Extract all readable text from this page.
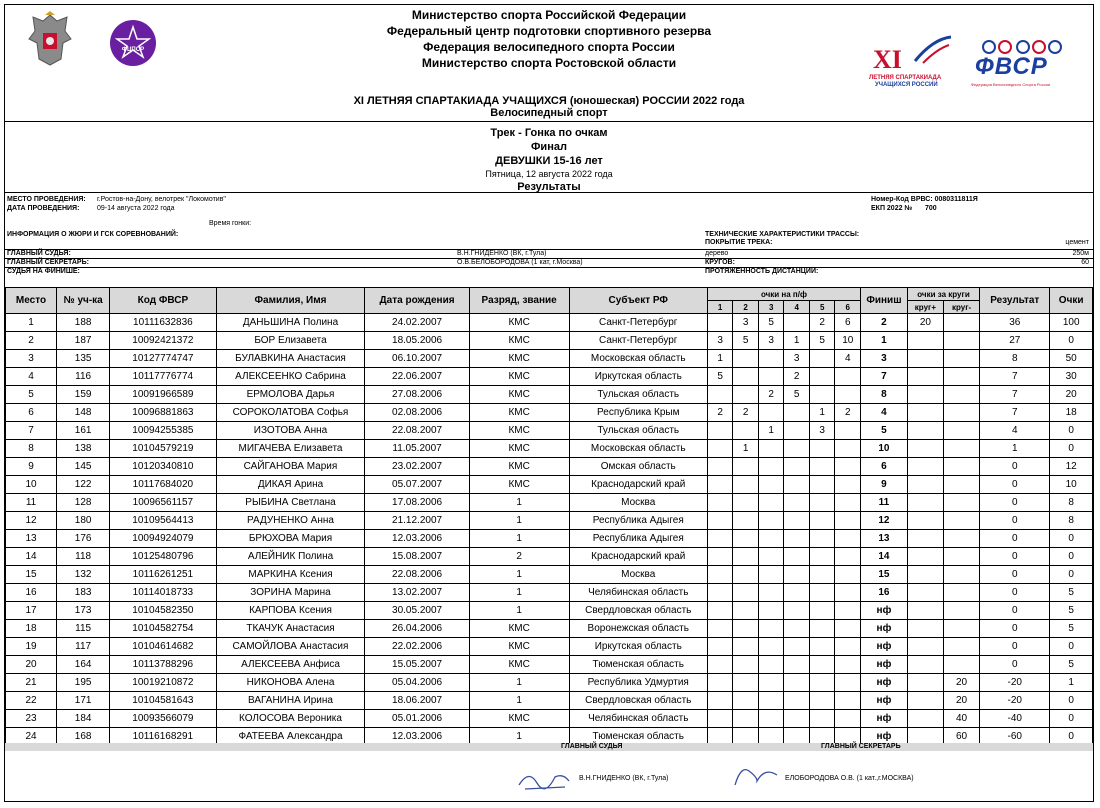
ФЦПСР
Министерство спорта Российской Федерации
Федеральный центр подготовки спортивного резерва
Федерация велосипедного спорта России
Министерство спорта Ростовской области	XI
ЛЕТНЯЯ СПАРТАКИАДА
УЧАЩИХСЯ РОССИИ
ФВСР
Федерация Велосипедного Спорта России
XI ЛЕТНЯЯ СПАРТАКИАДА УЧАЩИХСЯ (юношеская) РОССИИ 2022 года
Велосипедный спорт
Трек - Гонка по очкам
Финал
ДЕВУШКИ 15-16 лет
Пятница, 12 августа 2022 года
Результаты
МЕСТО ПРОВЕДЕНИЯ: г.Ростов-на-Дону, велотрек "Локомотив"
ДАТА ПРОВЕДЕНИЯ:	09-14 августа 2022 года
Номер-Код ВРВС: 0080311811Я
ЕКП 2022 № 700
Время гонки:
ИНФОРМАЦИЯ О ЖЮРИ И ГСК СОРЕВНОВАНИЙ:	ТЕХНИЧЕСКИЕ ХАРАКТЕРИСТИКИ ТРАССЫ:
ПОКРЫТИЕ ТРЕКА:	цемент
ГЛАВНЫЙ СУДЬЯ:	В.Н.ГНИДЕНКО (ВК, г.Тула)	дерево	250м
ГЛАВНЫЙ СЕКРЕТАРЬ:	О.В.БЕЛОБОРОДОВА (1 кат, г.Москва)	КРУГОВ:	60
СУДЬЯ НА ФИНИШЕ:	ПРОТЯЖЕННОСТЬ ДИСТАНЦИИ:
Место	№ уч-ка	Код ФВСР	Фамилия, Имя	Дата рождения	Разряд, звание	Субъект РФ	очки на п/ф						Финиш	очки за круги		Результат	Очки
							1	2	3	4	5	6		круг+	круг-		
1	188	10111632836	ДАНЬШИНА Полина	24.02.2007	КМС	Санкт-Петербург		3	5		2	6	2	20		36	100
2	187	10092421372	БОР Елизавета	18.05.2006	КМС	Санкт-Петербург	3	5	3	1	5	10	1			27	0
3	135	10127774747	БУЛАВКИНА Анастасия	06.10.2007	КМС	Московская область	1			3		4	3			8	50
4	116	10117776774	АЛЕКСЕЕНКО Сабрина	22.06.2007	КМС	Иркутская область	5			2			7			7	30
5	159	10091966589	ЕРМОЛОВА Дарья	27.08.2006	КМС	Тульская область			2	5			8			7	20
6	148	10096881863	СОРОКОЛАТОВА Софья	02.08.2006	КМС	Республика Крым	2	2			1	2	4			7	18
7	161	10094255385	ИЗОТОВА Анна	22.08.2007	КМС	Тульская область			1		3		5			4	0
8	138	10104579219	МИГАЧЕВА Елизавета	11.05.2007	КМС	Московская область		1					10			1	0
9	145	10120340810	САЙГАНОВА Мария	23.02.2007	КМС	Омская область							6			0	12
10	122	10117684020	ДИКАЯ Арина	05.07.2007	КМС	Краснодарский край							9			0	10
11	128	10096561157	РЫБИНА Светлана	17.08.2006	1	Москва							11			0	8
12	180	10109564413	РАДУНЕНКО Анна	21.12.2007	1	Республика Адыгея							12			0	8
13	176	10094924079	БРЮХОВА Мария	12.03.2006	1	Республика Адыгея							13			0	0
14	118	10125480796	АЛЕЙНИК Полина	15.08.2007	2	Краснодарский край							14			0	0
15	132	10116261251	МАРКИНА Ксения	22.08.2006	1	Москва							15			0	0
16	183	10114018733	ЗОРИНА Марина	13.02.2007	1	Челябинская область							16			0	5
17	173	10104582350	КАРПОВА Ксения	30.05.2007	1	Свердловская область							нф			0	5
18	115	10104582754	ТКАЧУК Анастасия	26.04.2006	КМС	Воронежская область							нф			0	5
19	117	10104614682	САМОЙЛОВА Анастасия	22.02.2006	КМС	Иркутская область							нф			0	0
20	164	10113788296	АЛЕКСЕЕВА Анфиса	15.05.2007	КМС	Тюменская область							нф			0	5
21	195	10019210872	НИКОНОВА Алена	05.04.2006	1	Республика Удмуртия							нф		20	-20	1
22	171	10104581643	ВАГАНИНА Ирина	18.06.2007	1	Свердловская область							нф		20	-20	0
23	184	10093566079	КОЛОСОВА Вероника	05.01.2006	КМС	Челябинская область							нф		40	-40	0
24	168	10116168291	ФАТЕЕВА Александра	12.03.2006	1	Тюменская область							нф		60	-60	0
ГЛАВНЫЙ СУДЬЯ	ГЛАВНЫЙ СЕКРЕТАРЬ
В.Н.ГНИДЕНКО (ВК, г.Тула)	ЕЛОБОРОДОВА О.В. (1 кат.,г.МОСКВА)
